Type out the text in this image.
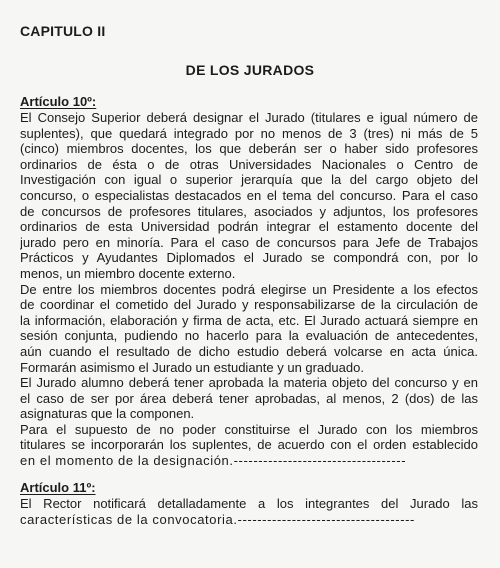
CAPITULO II
DE LOS JURADOS
Artículo 10º:
El Consejo Superior deberá designar el Jurado (titulares e igual número de
suplentes), que quedará integrado por no menos de 3 (tres) ni más de 5
(cinco) miembros docentes, los que deberán ser o haber sido profesores
ordinarios de ésta o de otras Universidades Nacionales o Centro de
Investigación con igual o superior jerarquía que la del cargo objeto del
concurso, o especialistas destacados en el tema del concurso. Para el caso
de concursos de profesores titulares, asociados y adjuntos, los profesores
ordinarios de esta Universidad podrán integrar el estamento docente del
jurado pero en minoría. Para el caso de concursos para Jefe de Trabajos
Prácticos y Ayudantes Diplomados el Jurado se compondrá con, por lo
menos, un miembro docente externo.
De entre los miembros docentes podrá elegirse un Presidente a los efectos
de coordinar el cometido del Jurado y responsabilizarse de la circulación de
la información, elaboración y firma de acta, etc. El Jurado actuará siempre en
sesión conjunta, pudiendo no hacerlo para la evaluación de antecedentes,
aún cuando el resultado de dicho estudio deberá volcarse en acta única.
Formarán asimismo el Jurado un estudiante y un graduado.
El Jurado alumno deberá tener aprobada la materia objeto del concurso y en
el caso de ser por área deberá tener aprobadas, al menos, 2 (dos) de las
asignaturas que la componen.
Para el supuesto de no poder constituirse el Jurado con los miembros
titulares se incorporarán los suplentes, de acuerdo con el orden establecido
en el momento de la designación.-----------------------------------
Artículo 11º:
El Rector notificará detalladamente a los integrantes del Jurado las
características de la convocatoria.------------------------------------
